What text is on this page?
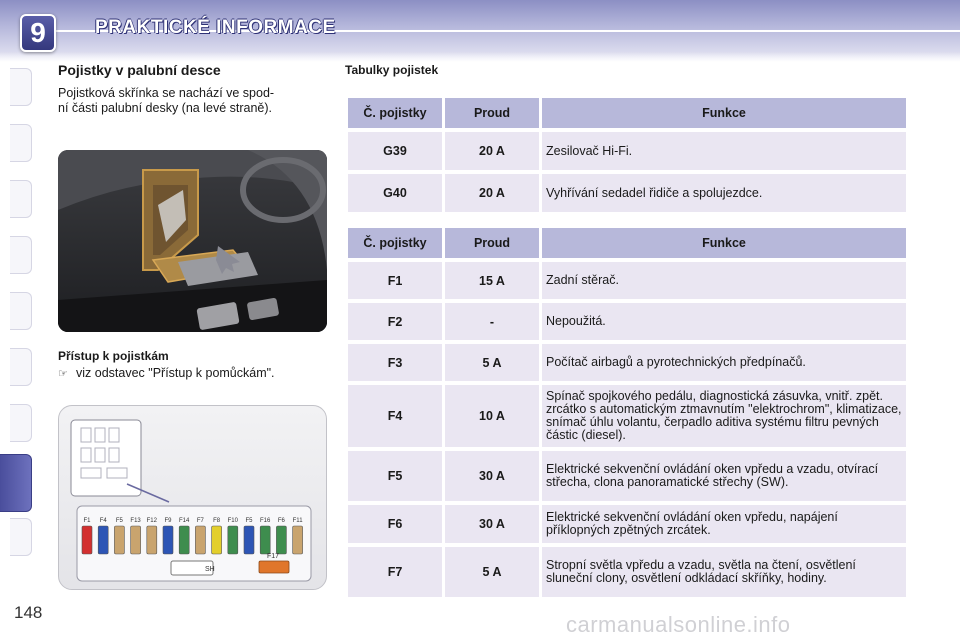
9	PRAKTICKÉ INFORMACE
Pojistky v palubní desce
Pojistková skřínka se nachází ve spod-
ní části palubní desky (na levé straně).
Přístup k pojistkám
☞ viz odstavec "Přístup k pomůckám".
F1 F4 F5 F13 F12 F9 F14 F7 F8 F10 F5 F16 F6 F11
SH
F17
148
Tabulky pojistek
Č. pojistky	Proud	Funkce
G39	20 A	Zesilovač Hi-Fi.
G40	20 A	Vyhřívání sedadel řidiče a spolujezdce.
Č. pojistky	Proud	Funkce
F1	15 A	Zadní stěrač.
F2	-	Nepoužitá.
F3	5 A	Počítač airbagů a pyrotechnických předpínačů.
F4	10 A	Spínač spojkového pedálu, diagnostická zásuvka, vnitř. zpět. zrcátko s automatickým ztmavnutím "elektrochrom", klimatizace, snímač úhlu volantu, čerpadlo aditiva systému filtru pevných částic (diesel).
F5	30 A	Elektrické sekvenční ovládání oken vpředu a vzadu, otvírací střecha, clona panoramatické střechy (SW).
F6	30 A	Elektrické sekvenční ovládání oken vpředu, napájení příklopných zpětných zrcátek.
F7	5 A	Stropní světla vpředu a vzadu, světla na čtení, osvětlení sluneční clony, osvětlení odkládací skříňky, hodiny.
carmanualsonline.info
